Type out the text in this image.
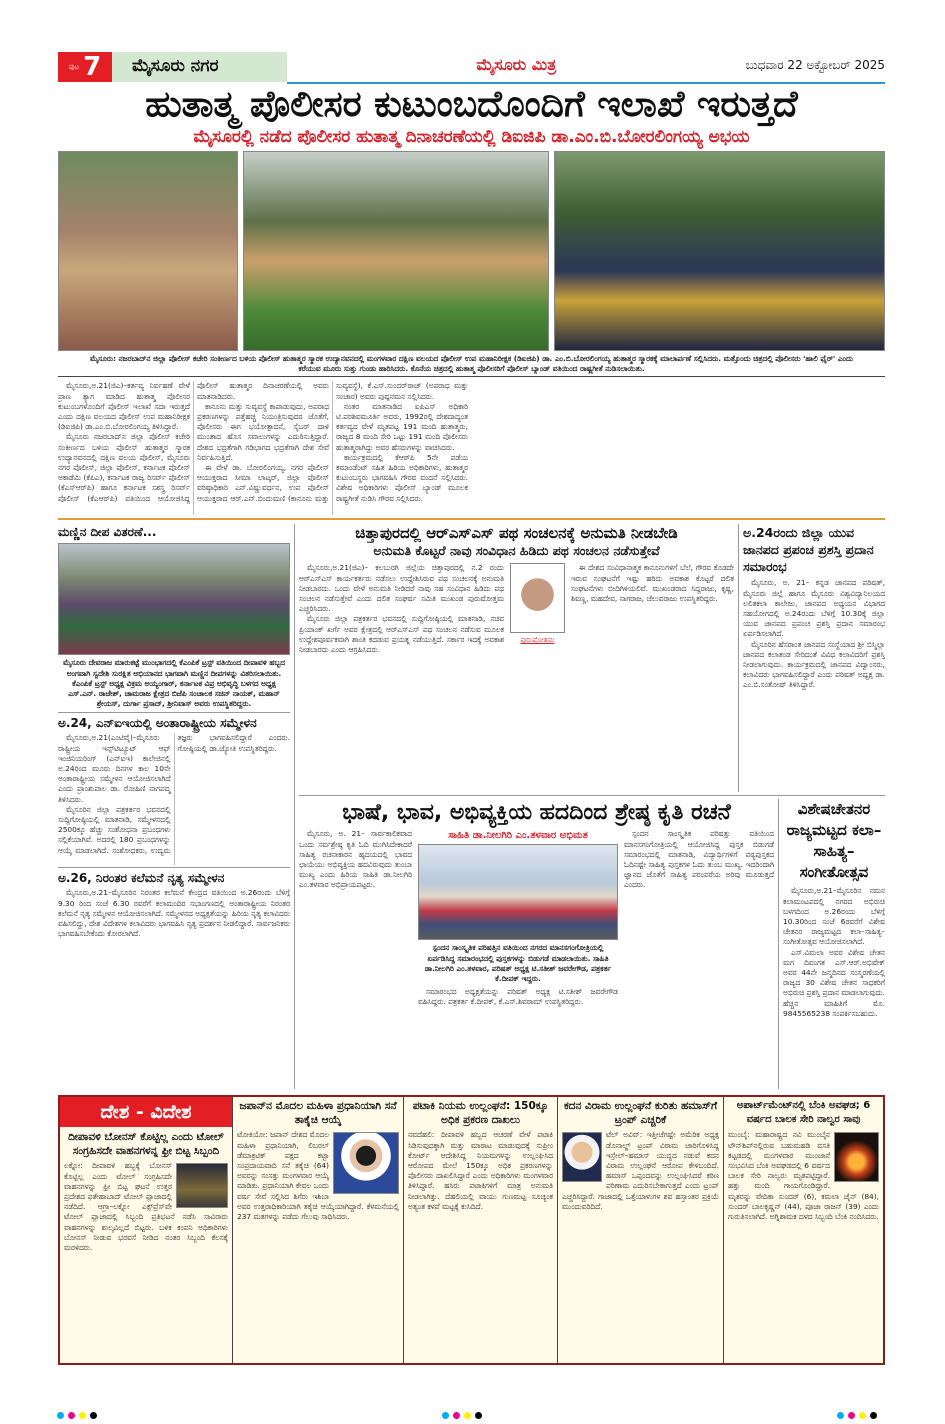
ಪುಟ 7	ಮೈಸೂರು ನಗರ	ಮೈಸೂರು ಮಿತ್ರ	ಬುಧವಾರ 22 ಅಕ್ಟೋಬರ್ 2025
ಹುತಾತ್ಮ ಪೊಲೀಸರ ಕುಟುಂಬದೊಂದಿಗೆ ಇಲಾಖೆ ಇರುತ್ತದೆ
ಮೈಸೂರಲ್ಲಿ ನಡೆದ ಪೊಲೀಸರ ಹುತಾತ್ಮ ದಿನಾಚರಣೆಯಲ್ಲಿ ಡಿಐಜಿಪಿ ಡಾ.ಎಂ.ಬಿ.ಬೋರಲಿಂಗಯ್ಯ ಅಭಯ
ಮೈಸೂರು: ನಜರಬಾದ್‌ನ ಜಿಲ್ಲಾ ಪೊಲೀಸ್ ಕಚೇರಿ ಸಂಕೀರ್ಣದ ಬಳಿಯ ಪೊಲೀಸ್ ಹುತಾತ್ಮರ ಸ್ಮಾರಕ ಉದ್ಯಾನವನದಲ್ಲಿ ಮಂಗಳವಾರ ದಕ್ಷಿಣ ವಲಯದ ಪೊಲೀಸ್ ಉಪ ಮಹಾನಿರೀಕ್ಷಕ (ಡಿಐಜಿಪಿ) ಡಾ. ಎಂ.ಬಿ.ಬೋರಲಿಂಗಯ್ಯ ಹುತಾತ್ಮರ ಸ್ಮಾರಕಕ್ಕೆ ಮಾಲಾರ್ಪಣೆ ಸಲ್ಲಿಸಿದರು. ಮತ್ತೊಂದು ಚಿತ್ರದಲ್ಲಿ ಪೊಲೀಸರು 'ಹಾಲಿ ಫೈರ್' ಎಂದು ಕರೆಯುವ ಮೂರು ಸುತ್ತು ಗುಂಡು ಹಾರಿಸಿದರು. ಕೊನೆಯ ಚಿತ್ರದಲ್ಲಿ ಹುತಾತ್ಮ ಪೊಲೀಸರಿಗೆ ಪೊಲೀಸ್ ಬ್ಯಾಂಡ್ ವತಿಯಿಂದ ರಾಷ್ಟ್ರಗೀತೆ ನುಡಿಸಲಾಯಿತು.

ಮೈಸೂರು,ಅ.21(ಜಿಎ)–ಕರ್ತವ್ಯ ನಿರ್ವಹಣೆ ವೇಳೆ ಪ್ರಾಣ ತ್ಯಾಗ ಮಾಡಿದ ಹುತಾತ್ಮ ಪೊಲೀಸರ ಕುಟುಂಬಗಳೊಂದಿಗೆ ಪೊಲೀಸ್ ಇಲಾಖೆ ಸದಾ ಇರುತ್ತದೆ ಎಂದು ದಕ್ಷಿಣ ವಲಯದ ಪೊಲೀಸ್ ಉಪ ಮಹಾನಿರೀಕ್ಷಕ (ಡಿಐಜಿಪಿ) ಡಾ.ಎಂ.ಬಿ.ಬೋರಲಿಂಗಯ್ಯ ತಿಳಿಸಿದ್ದಾರೆ.

ಮೈಸೂರು ನಜರಬಾದ್‌ನ ಜಿಲ್ಲಾ ಪೊಲೀಸ್ ಕಚೇರಿ ಸಂಕೀರ್ಣದ ಬಳಿಯ ಪೊಲೀಸ್ ಹುತಾತ್ಮರ ಸ್ಮಾರಕ ಉದ್ಯಾನವನದಲ್ಲಿ ದಕ್ಷಿಣ ವಲಯ ಪೊಲೀಸ್, ಮೈಸೂರು ನಗರ ಪೊಲೀಸ್, ಜಿಲ್ಲಾ ಪೊಲೀಸ್, ಕರ್ನಾಟಕ ಪೊಲೀಸ್ ಅಕಾಡೆಮಿ (ಕೆಪಿಎ), ಕರ್ನಾಟಕ ರಾಜ್ಯ ರಿಸರ್ವ್ ಪೊಲೀಸ್ (ಕೆಎಸ್‌ಆರ್‌ಪಿ) ಹಾಗೂ ಕರ್ನಾಟಕ ಸಶಸ್ತ್ರ ರಿಸರ್ವ್ ಪೊಲೀಸ್ (ಕೆಎಆರ್‌ಪಿ) ವತಿಯಿಂದ ಆಯೋಜಿಸಿದ್ದ ಪೊಲೀಸ್ ಹುತಾತ್ಮರ ದಿನಾಚರಣೆಯಲ್ಲಿ ಅವರು ಮಾತನಾಡಿದರು.

ಕಾನೂನು ಮತ್ತು ಸುವ್ಯವಸ್ಥೆ ಕಾಪಾಡುವುದು, ಅಪರಾಧ ಪ್ರಕರಣಗಳನ್ನು ಪತ್ತೆಹಚ್ಚಿ ನಿಯಂತ್ರಿಸುವುದರ ಜೊತೆಗೆ, ಪೊಲೀಸರು ಈಗ ಭಯೋತ್ಪಾದನೆ, ಸೈಬರ್ ದಾಳಿ ಮುಂತಾದ ಹೊಸ ಸವಾಲುಗಳನ್ನು ಎದುರಿಸುತ್ತಿದ್ದಾರೆ. ದೇಶದ ಭದ್ರತೆಗಾಗಿ ಗಡಿಭಾಗದ ಭದ್ರತೆಗಾಗಿ ದೇಶ ಸೇವೆ ನಿರ್ವಹಿಸುತ್ತಿದೆ.

ಈ ವೇಳೆ ಡಾ. ಬೋರಲಿಂಗಯ್ಯ, ನಗರ ಪೊಲೀಸ್ ಆಯುಕ್ತರಾದ ಸೀಮಾ ಲಾಟ್ಕರ್, ಜಿಲ್ಲಾ ಪೊಲೀಸ್ ವರಿಷ್ಠಾಧಿಕಾರಿ ಎನ್.ವಿಷ್ಣುವರ್ಧನ, ಉಪ ಪೊಲೀಸ್ ಆಯುಕ್ತರಾದ ಆರ್.ಎನ್.ಬಿಂದುಮಣಿ (ಕಾನೂನು ಮತ್ತು ಸುವ್ಯವಸ್ಥೆ), ಕೆ.ಎಸ್.ಸುಂದರ್‌ರಾಜ್ (ಅಪರಾಧ ಮತ್ತು ಸಂಚಾರ) ಅವರು ಪುಷ್ಪನಮನ ಸಲ್ಲಿಸಿದರು.

ನಂತರ ಮಾತನಾಡಿದ ಐಪಿಎಸ್ ಅಧಿಕಾರಿ ಟಿ.ಪರಶಿವಮೂರ್ತಿ ಅವರು, 1992ರಲ್ಲಿ ದೇಶದಾದ್ಯಂತ ಕರ್ತವ್ಯದ ವೇಳೆ ಮೃತಪಟ್ಟ 191 ಮಂದಿ ಹುತಾತ್ಮರು, ರಾಜ್ಯದ 8 ಮಂದಿ ಸೇರಿ ಒಟ್ಟು 191 ಮಂದಿ ಪೊಲೀಸರು ಹುತಾತ್ಮರಾಗಿದ್ದು ಅವರ ಹೆಸರುಗಳನ್ನು ವಾಚಿಸಿದರು.

ಕಾರ್ಯಕ್ರಮದಲ್ಲಿ ಕೆಆರ್‌ಪಿ 5ನೇ ಪಡೆಯ ಕಮಾಂಡೆಂಟ್ ಸಹಿತ ಹಿರಿಯ ಅಧಿಕಾರಿಗಳು, ಹುತಾತ್ಮರ ಕುಟುಂಬಸ್ಥರು ಭಾಗವಹಿಸಿ ಗೌರವ ವಂದನೆ ಸಲ್ಲಿಸಿದರು. ವಿಶೇಷ ಅಧಿಕಾರಿಗಳು ಪೊಲೀಸ್ ಬ್ಯಾಂಡ್ ಮೂಲಕ ರಾಷ್ಟ್ರಗೀತೆ ನುಡಿಸಿ ಗೌರವ ಸಲ್ಲಿಸಿದರು.

ಮಣ್ಣಿನ ದೀಪ ವಿತರಣೆ...
ಮೈಸೂರು ದೇವರಾಜ ಮಾರುಕಟ್ಟೆ ಮುಂಭಾಗದಲ್ಲಿ ಕೆಎಂಪಿಕೆ ಟ್ರಸ್ಟ್ ವತಿಯಿಂದ ದೀಪಾವಳಿ ಹಬ್ಬದ ಅಂಗವಾಗಿ ಸ್ವದೇಶಿ ಸುರಕ್ಷಿತ ಅಭಿಯಾನದ ಭಾಗವಾಗಿ ಮಣ್ಣಿನ ದೀಪಗಳನ್ನು ವಿತರಿಸಲಾಯಿತು. ಕೆಎಂಪಿಕೆ ಟ್ರಸ್ಟ್ ಅಧ್ಯಕ್ಷ ವಿಕ್ರಮ ಅಯ್ಯಂಗಾರ್, ಕರ್ನಾಟಕ ವಿಪ್ರ ಅಭಿವೃದ್ಧಿ ಬಳಗದ ಅಧ್ಯಕ್ಷ ಎಸ್.ಎನ್. ರಾಜೇಶ್, ಚಾಮರಾಜ ಕ್ಷೇತ್ರದ ಬಿಜೆಪಿ ಸಂಚಾಲಕ ಸಚಿನ್ ನಾಯಕ್, ಮಹಾನ್ ಶ್ರೇಯಸ್, ದುರ್ಗಾ ಪ್ರಸಾದ್, ಶ್ರೀನಿವಾಸ್ ಅವರು ಉಪಸ್ಥಿತರಿದ್ದರು.
ಅ.24, ಎನ್‌ಐಇಯಲ್ಲಿ ಅಂತಾರಾಷ್ಟ್ರೀಯ ಸಮ್ಮೇಳನ

ಮೈಸೂರು,ಅ.21(ಎಂಟಿವೈ)–ಮೈಸೂರು ರಾಷ್ಟ್ರೀಯ ಇನ್ಸ್‌ಟಿಟ್ಯೂಟ್ ಆಫ್ ಇಂಜಿನಿಯರಿಂಗ್ (ಎನ್‌ಐಇ) ಕಾಲೇಜಿನಲ್ಲಿ ಅ.24ರಿಂದ ಮೂರು ದಿನಗಳ ಕಾಲ 10ನೇ ಅಂತಾರಾಷ್ಟ್ರೀಯ ಸಮ್ಮೇಳನ ಆಯೋಜಿಸಲಾಗಿದೆ ಎಂದು ಪ್ರಾಂಶುಪಾಲ ಡಾ. ರೋಹಿಣಿ ನಾಗಪದ್ಮ ತಿಳಿಸಿದರು.

ಮೈಸೂರಿನ ಜಿಲ್ಲಾ ಪತ್ರಕರ್ತರ ಭವನದಲ್ಲಿ ಸುದ್ದಿಗೋಷ್ಠಿಯಲ್ಲಿ ಮಾತನಾಡಿ, ಸಮ್ಮೇಳನದಲ್ಲಿ 2500ಕ್ಕೂ ಹೆಚ್ಚು ಸಂಶೋಧನಾ ಪ್ರಬಂಧಗಳು ಸಲ್ಲಿಕೆಯಾಗಿವೆ. ಅದರಲ್ಲಿ 180 ಪ್ರಬಂಧಗಳನ್ನು ಆಯ್ಕೆ ಮಾಡಲಾಗಿದೆ. ಸಂಶೋಧಕರು, ಉದ್ಯಮ ತಜ್ಞರು ಭಾಗವಹಿಸಲಿದ್ದಾರೆ ಎಂದರು. ಗೋಷ್ಠಿಯಲ್ಲಿ ಡಾ.ಜ್ಯೋತಿ ಉಪಸ್ಥಿತರಿದ್ದರು.

ಅ.26, ನಿರಂತರ ಕಲೆಮನೆ ನೃತ್ಯ ಸಮ್ಮೇಳನ

ಮೈಸೂರು,ಅ.21–ಮೈಸೂರಿನ ನಿರಂತರ ಕಲೆಮನೆ ಕೇಂದ್ರದ ವತಿಯಿಂದ ಅ.26ರಂದು ಬೆಳಿಗ್ಗೆ 9.30 ರಿಂದ ಸಂಜೆ 6.30 ರವರೆಗೆ ಕಲಾಮಂದಿರ ಸಭಾಂಗಣದಲ್ಲಿ ಅಂತಾರಾಷ್ಟ್ರೀಯ ನಿರಂತರ ಕಲೆಮನೆ ನೃತ್ಯ ಸಮ್ಮೇಳನ ಆಯೋಜಿಸಲಾಗಿದೆ. ಸಮ್ಮೇಳನದ ಅಧ್ಯಕ್ಷತೆಯನ್ನು ಹಿರಿಯ ನೃತ್ಯ ಕಲಾವಿದರು ವಹಿಸಲಿದ್ದು, ದೇಶ ವಿದೇಶಗಳ ಕಲಾವಿದರು ಭಾಗವಹಿಸಿ ನೃತ್ಯ ಪ್ರದರ್ಶನ ನೀಡಲಿದ್ದಾರೆ. ಸಾರ್ವಜನಿಕರು ಭಾಗವಹಿಸಬೇಕೆಂದು ಕೋರಲಾಗಿದೆ.

ಚಿತ್ತಾಪುರದಲ್ಲಿ ಆರ್‌ಎಸ್‌ಎಸ್ ಪಥ ಸಂಚಲನಕ್ಕೆ ಅನುಮತಿ ನೀಡಬೇಡಿ
ಅನುಮತಿ ಕೊಟ್ಟರೆ ನಾವು ಸಂವಿಧಾನ ಹಿಡಿದು ಪಥ ಸಂಚಲನ ನಡೆಸುತ್ತೇವೆ

ಮೈಸೂರು,ಅ.21(ಜಿಎ)– ಕಲಬುರಗಿ ಜಿಲ್ಲೆಯ ಚಿತ್ತಾಪುರದಲ್ಲಿ ನ.2 ರಂದು ಆರ್‌ಎಸ್‌ಎಸ್ ಕಾರ್ಯಕರ್ತರು ನಡೆಸಲು ಉದ್ದೇಶಿಸಿರುವ ಪಥ ಸಂಚಲನಕ್ಕೆ ಅನುಮತಿ ನೀಡಬಾರದು. ಒಂದು ವೇಳೆ ಅನುಮತಿ ನೀಡಿದರೆ ನಾವು ಸಹ ಸಂವಿಧಾನ ಹಿಡಿದು ಪಥ ಸಂಚಲನ ನಡೆಸುತ್ತೇವೆ ಎಂದು ದಲಿತ ಸಂಘರ್ಷ ಸಮಿತಿ ಮುಖಂಡ ಪುರುಷೋತ್ತಮ ಎಚ್ಚರಿಸಿದರು.

ಮೈಸೂರು ಜಿಲ್ಲಾ ಪತ್ರಕರ್ತರ ಭವನದಲ್ಲಿ ಸುದ್ದಿಗೋಷ್ಠಿಯಲ್ಲಿ ಮಾತನಾಡಿ, ಸಚಿವ ಪ್ರಿಯಾಂಕ್ ಖರ್ಗೆ ಅವರ ಕ್ಷೇತ್ರದಲ್ಲಿ ಆರ್‌ಎಸ್‌ಎಸ್ ಪಥ ಸಂಚಲನ ನಡೆಸುವ ಮೂಲಕ ಉದ್ದೇಶಪೂರ್ವಕವಾಗಿ ಶಾಂತಿ ಕದಡುವ ಪ್ರಯತ್ನ ನಡೆಯುತ್ತಿದೆ. ಸರ್ಕಾರ ಇದಕ್ಕೆ ಅವಕಾಶ ನೀಡಬಾರದು ಎಂದು ಆಗ್ರಹಿಸಿದರು.

ಪುರುಷೋತ್ತಮ

ಈ ದೇಶದ ಸಂವಿಧಾನಾತ್ಮಕ ಕಾನೂನುಗಳಿಗೆ ಬೆಲೆ, ಗೌರವ ಕೊಡದೇ ಇರುವ ಸಂಘಟನೆಗೆ ಇಷ್ಟು ಹರಿದು ಅವಕಾಶ ಕೊಟ್ಟರೆ ದಲಿತ ಸಂಘಟನೆಗಳು ಬೀದಿಗಿಳಿಯಲಿವೆ. ಮುಖಂಡರಾದ ಸಿದ್ದರಾಜು, ಕೃಷ್ಣ, ಶಿವಣ್ಣ, ಮಹದೇವ, ನಾಗರಾಜ, ಚೆಲುವರಾಜು ಉಪಸ್ಥಿತರಿದ್ದರು.

ಅ.24ರಂದು ಜಿಲ್ಲಾ ಯುವ ಜಾನಪದ ಪ್ರಪಂಚ ಪ್ರಶಸ್ತಿ ಪ್ರದಾನ ಸಮಾರಂಭ

ಮೈಸೂರು, ಅ. 21– ಕನ್ನಡ ಜಾನಪದ ಪರಿಷತ್, ಮೈಸೂರು ಜಿಲ್ಲೆ ಹಾಗೂ ಮೈಸೂರು ವಿಶ್ವವಿದ್ಯಾನಿಲಯದ ಲಲಿತಕಲಾ ಕಾಲೇಜು, ಜಾನಪದ ಅಧ್ಯಯನ ವಿಭಾಗದ ಸಹಯೋಗದಲ್ಲಿ ಅ.24ರಂದು ಬೆಳಿಗ್ಗೆ 10.30ಕ್ಕೆ ಜಿಲ್ಲಾ ಯುವ ಜಾನಪದ ಪ್ರಪಂಚ ಪ್ರಶಸ್ತಿ ಪ್ರದಾನ ಸಮಾರಂಭ ಏರ್ಪಡಿಸಲಾಗಿದೆ.

ಮೈಸೂರಿನ ಹೆಸರಾಂತ ಜಾನಪದ ಸಂಸ್ಥೆಯಾದ ಶ್ರೀ ಬಿಸ್ಮಿಲ್ಲಾ ಜಾನಪದ ಕಲಾತಂಡ ಸೇರಿದಂತೆ ವಿವಿಧ ಕಲಾವಿದರಿಗೆ ಪ್ರಶಸ್ತಿ ನೀಡಲಾಗುವುದು. ಕಾರ್ಯಕ್ರಮದಲ್ಲಿ ಜಾನಪದ ವಿದ್ವಾಂಸರು, ಕಲಾವಿದರು ಭಾಗವಹಿಸಲಿದ್ದಾರೆ ಎಂದು ಪರಿಷತ್ ಅಧ್ಯಕ್ಷ ಡಾ. ಎಂ.ಬಿ.ಸಂತೋಷ್ ತಿಳಿಸಿದ್ದಾರೆ.

ಭಾಷೆ, ಭಾವ, ಅಭಿವ್ಯಕ್ತಿಯ ಹದದಿಂದ ಶ್ರೇಷ್ಠ ಕೃತಿ ರಚನೆ

ಮೈಸೂರು, ಅ. 21– ಸಾರ್ವಕಾಲಿಕವಾದ ಒಂದು ಸರ್ವಶ್ರೇಷ್ಠ ಕೃತಿ ಓದಿ ಮುಗಿಸಿದೇಕಾದರೆ ಸಾಹಿತ್ಯ ರಚನಾಕಾರನ ಹೃದಯದಲ್ಲಿ ಭಾವದ ಛಾಯೆಯು ಅಭಿವ್ಯಕ್ತಿಯ ಹದವಿರುವುದು ತುಂಬಾ ಮುಖ್ಯ ಎಂದು ಹಿರಿಯ ಸಾಹಿತಿ ಡಾ.ನೀಲಗಿರಿ ಎಂ.ತಳವಾರ ಅಭಿಪ್ರಾಯಪಟ್ಟರು.

ಸಾಹಿತಿ ಡಾ.ನೀಲಗಿರಿ ಎಂ.ತಳವಾರ ಅಭಿಮತ
ಸ್ಪಂದನ ಸಾಂಸ್ಕೃತಿಕ ಪರಿಷತ್ತಿನ ವತಿಯಿಂದ ನಗರದ ಮಾನಸಗಂಗೋತ್ರಿಯಲ್ಲಿ ಏರ್ಪಡಿಸಿದ್ದ ಸಮಾರಂಭದಲ್ಲಿ ಪುಸ್ತಕಗಳನ್ನು ಬಿಡುಗಡೆ ಮಾಡಲಾಯಿತು. ಸಾಹಿತಿ ಡಾ.ನೀಲಗಿರಿ ಎಂ.ತಳವಾರ, ಪರಿಷತ್ ಅಧ್ಯಕ್ಷ ಟಿ.ಸತೀಶ್ ಜವರೇಗೌಡ, ಪತ್ರಕರ್ತ ಕೆ.ದೀಪಕ್ ಇದ್ದರು.

ಸಮಾರಂಭದ ಅಧ್ಯಕ್ಷತೆಯನ್ನು ಪರಿಷತ್ ಅಧ್ಯಕ್ಷ ಟಿ.ಸತೀಶ್ ಜವರೇಗೌಡ ವಹಿಸಿದ್ದರು. ಪತ್ರಕರ್ತ ಕೆ.ದೀಪಕ್, ಕೆ.ಎಸ್.ಶಿವರಾಮ್ ಉಪಸ್ಥಿತರಿದ್ದರು.

ಸ್ಪಂದನ ಸಾಂಸ್ಕೃತಿಕ ಪರಿಷತ್ತು ವತಿಯಿಂದ ಮಾನಸಗಂಗೋತ್ರಿಯಲ್ಲಿ ಆಯೋಜಿಸಿದ್ದ ಪುಸ್ತಕ ಬಿಡುಗಡೆ ಸಮಾರಂಭದಲ್ಲಿ ಮಾತನಾಡಿ, ವಿದ್ಯಾರ್ಥಿಗಳಿಗೆ ಪಠ್ಯಪುಸ್ತಕದ ಓದಿನಷ್ಟೇ ಸಾಹಿತ್ಯ ಪುಸ್ತಕಗಳ ಓದು ತುಂಬ ಮುಖ್ಯ. ಇದರಿಂದಾಗಿ ಜ್ಞಾನದ ಜೊತೆಗೆ ಸಾಹಿತ್ಯ ಪರಂಪರೆಯ ಅರಿವು ಮೂಡುತ್ತದೆ ಎಂದರು.

ವಿಶೇಷಚೇತನರ ರಾಜ್ಯಮಟ್ಟದ ಕಲಾ–ಸಾಹಿತ್ಯ–ಸಂಗೀತೋತ್ಸವ

ಮೈಸೂರು,ಅ.21–ಮೈಸೂರಿನ ನಮನ ಕಲಾಮಂಟಪದಲ್ಲಿ ನಗರದ ಅಭಿರುಚಿ ಬಳಗದಿಂದ ಅ.26ರಂದು ಬೆಳಿಗ್ಗೆ 10.30ರಿಂದ ಸಂಜೆ 6ರವರೆಗೆ ವಿಶೇಷ ಚೇತನರ ರಾಜ್ಯಮಟ್ಟದ ಕಲಾ–ಸಾಹಿತ್ಯ–ಸಂಗೀತೋತ್ಸವ ಆಯೋಜಿಸಲಾಗಿದೆ.

ಎಸ್.ವಿಮಲಾ ಅವರ ವಿಶೇಷ ಚೇತನ ಮಗ ದಿವಂಗತ ಎಸ್.ಆರ್.ಅಭಿಷೇಕ್ ಅವರ 44ನೇ ಜನ್ಮದಿನದ ಸಂಸ್ಮರಣೆಯಲ್ಲಿ ರಾಜ್ಯದ 30 ವಿಶೇಷ ಚೇತನ ಸಾಧಕರಿಗೆ ಅಭಿರುಚಿ ಪ್ರಶಸ್ತಿ ಪ್ರದಾನ ಮಾಡಲಾಗುವುದು. ಹೆಚ್ಚಿನ ಮಾಹಿತಿಗೆ ಮೊ. 9845565238 ಸಂಪರ್ಕಿಸಬಹುದು.

ದೇಶ - ವಿದೇಶ
ದೀಪಾವಳಿ ಬೋನಸ್ ಕೊಟ್ಟಿಲ್ಲ ಎಂದು ಟೋಲ್ ಸಂಗ್ರಹಿಸದೇ ವಾಹನಗಳನ್ನ ಫ್ರೀ ಬಿಟ್ಟ ಸಿಬ್ಬಂದಿ
ಲಕ್ನೋ: ದೀಪಾವಳಿ ಹಬ್ಬಕ್ಕೆ ಬೋನಸ್ ಕೊಟ್ಟಿಲ್ಲ ಎಂದು ಟೋಲ್ ಸಂಗ್ರಹಿಸದೇ ವಾಹನಗಳನ್ನು ಫ್ರೀ ಬಿಟ್ಟ ಘಟನೆ ಉತ್ತರ ಪ್ರದೇಶದ ಫತೇಹಾಬಾದ್ ಟೋಲ್ ಪ್ಲಾಜಾದಲ್ಲಿ ನಡೆದಿದೆ. ಆಗ್ರಾ–ಲಕ್ನೋ ಎಕ್ಸ್‌ಪ್ರೆಸ್‌ವೇ ಟೋಲ್ ಪ್ಲಾಜಾದಲ್ಲಿ ಸಿಬ್ಬಂದಿ ಪ್ರತಿಭಟನೆ ನಡೆಸಿ ಸಾವಿರಾರು ವಾಹನಗಳನ್ನು ಶುಲ್ಕವಿಲ್ಲದೆ ಬಿಟ್ಟರು. ಬಳಿಕ ಕಂಪನಿ ಅಧಿಕಾರಿಗಳು ಬೋನಸ್ ನೀಡುವ ಭರವಸೆ ನೀಡಿದ ನಂತರ ಸಿಬ್ಬಂದಿ ಕೆಲಸಕ್ಕೆ ಮರಳಿದರು.
ಜಪಾನ್‌ನ ಮೊದಲ ಮಹಿಳಾ ಪ್ರಧಾನಿಯಾಗಿ ಸನೆ ತಾಕೈಚಿ ಆಯ್ಕೆ
ಟೋಕಿಯೋ: ಜಪಾನ್ ದೇಶದ ಮೊದಲ ಮಹಿಳಾ ಪ್ರಧಾನಿಯಾಗಿ, ಲಿಬರಲ್ ಡೆಮಾಕ್ರಟಿಕ್ ಪಕ್ಷದ ಕಟ್ಟಾ ಸಂಪ್ರದಾಯವಾದಿ ಸನೆ ತಕೈಚಿ (64) ಅವರನ್ನು ಸಂಸತ್ತು ಮಂಗಳವಾರ ಆಯ್ಕೆ ಮಾಡಿತು. ಪ್ರಧಾನಿಯಾಗಿ ಕೇವಲ ಒಂದು ವರ್ಷ ಸೇವೆ ಸಲ್ಲಿಸಿದ ಶಿಗೆರು ಇಶಿಬಾ ಅವರ ಉತ್ತರಾಧಿಕಾರಿಯಾಗಿ ತಕೈಚಿ ಆಯ್ಕೆಯಾಗಿದ್ದಾರೆ. ಕೆಳಮನೆಯಲ್ಲಿ 237 ಮತಗಳನ್ನು ಪಡೆದು ಗೆಲುವು ಸಾಧಿಸಿದರು.
ಪಟಾಕಿ ನಿಯಮ ಉಲ್ಲಂಘನೆ: 150ಕ್ಕೂ ಅಧಿಕ ಪ್ರಕರಣ ದಾಖಲು
ನವದೆಹಲಿ: ದೀಪಾವಳಿ ಹಬ್ಬದ ಆಚರಣೆ ವೇಳೆ ಪಟಾಕಿ ಸಿಡಿಸುವುದಕ್ಕಾಗಿ ಮತ್ತು ಮಾರಾಟ ಮಾಡುವುದಕ್ಕೆ ಸುಪ್ರೀಂ ಕೋರ್ಟ್ ಆದೇಶಿಸಿದ್ದ ನಿಯಮಗಳನ್ನು ಉಲ್ಲಂಘಿಸಿದ ಆರೋಪದ ಮೇಲೆ 150ಕ್ಕೂ ಅಧಿಕ ಪ್ರಕರಣಗಳನ್ನು ಪೊಲೀಸರು ದಾಖಲಿಸಿದ್ದಾರೆ ಎಂದು ಅಧಿಕಾರಿಗಳು ಮಂಗಳವಾರ ತಿಳಿಸಿದ್ದಾರೆ. ಹಸಿರು ಪಟಾಕಿಗಳಿಗೆ ಮಾತ್ರ ಅನುಮತಿ ನೀಡಲಾಗಿತ್ತು. ದೆಹಲಿಯಲ್ಲಿ ವಾಯು ಗುಣಮಟ್ಟ ಸೂಚ್ಯಂಕ ಅತ್ಯಂತ ಕಳಪೆ ಮಟ್ಟಕ್ಕೆ ಕುಸಿದಿದೆ.
ಕದನ ವಿರಾಮ ಉಲ್ಲಂಘನೆ ಕುರಿತು ಹಮಾಸ್‌ಗೆ ಟ್ರಂಪ್ ಎಚ್ಚರಿಕೆ
ಟೆಲ್ ಅವಿವ್: ಇತ್ತೀಚೆಗಷ್ಟೇ ಅಮೆರಿಕ ಅಧ್ಯಕ್ಷ ಡೊನಾಲ್ಡ್ ಟ್ರಂಪ್ ವಿರಾಮ ಜಾರಿಗೊಳಿಸಿದ್ದ ಇಸ್ರೇಲ್–ಹಮಾಸ್ ಯುದ್ಧದ ನಡುವೆ ಕದನ ವಿರಾಮ ಉಲ್ಲಂಘನೆ ಆರೋಪ ಕೇಳಿಬಂದಿದೆ. ಹಮಾಸ್ ಒಪ್ಪಂದವನ್ನು ಉಲ್ಲಂಘಿಸಿದರೆ ಕಠಿಣ ಪರಿಣಾಮ ಎದುರಿಸಬೇಕಾಗುತ್ತದೆ ಎಂದು ಟ್ರಂಪ್ ಎಚ್ಚರಿಸಿದ್ದಾರೆ. ಗಾಜಾದಲ್ಲಿ ಒತ್ತೆಯಾಳುಗಳ ಶವ ಹಸ್ತಾಂತರ ಪ್ರಕ್ರಿಯೆ ಮುಂದುವರಿದಿದೆ.
ಅಪಾರ್ಟ್‌ಮೆಂಟ್‌ನಲ್ಲಿ ಬೆಂಕಿ ಅವಘಡ; 6 ವರ್ಷದ ಬಾಲಕ ಸೇರಿ ನಾಲ್ವರ ಸಾವು
ಮುಂಬೈ: ಮಹಾರಾಷ್ಟ್ರದ ನವಿ ಮುಂಬೈನ ಟೌನ್‌ಶಿಪ್‌ನಲ್ಲಿರುವ ಬಹುಮಹಡಿ ವಸತಿ ಕಟ್ಟಡದಲ್ಲಿ ಮಂಗಳವಾರ ಮುಂಜಾನೆ ಸಂಭವಿಸಿದ ಬೆಂಕಿ ಅವಘಡದಲ್ಲಿ 6 ವರ್ಷದ ಬಾಲಕ ಸೇರಿ ನಾಲ್ವರು ಮೃತಪಟ್ಟಿದ್ದಾರೆ. ಹತ್ತು ಮಂದಿ ಗಾಯಗೊಂಡಿದ್ದಾರೆ. ಮೃತರನ್ನು ವೇದಿಕಾ ಸುಂದರ್ (6), ಕಮಲಾ ಜೈನ್ (84), ಸುಂದರ್ ಬಾಲಕೃಷ್ಣನ್ (44), ಪೂಜಾ ರಾಜನ್ (39) ಎಂದು ಗುರುತಿಸಲಾಗಿದೆ. ಅಗ್ನಿಶಾಮಕ ದಳದ ಸಿಬ್ಬಂದಿ ಬೆಂಕಿ ನಂದಿಸಿದರು.
